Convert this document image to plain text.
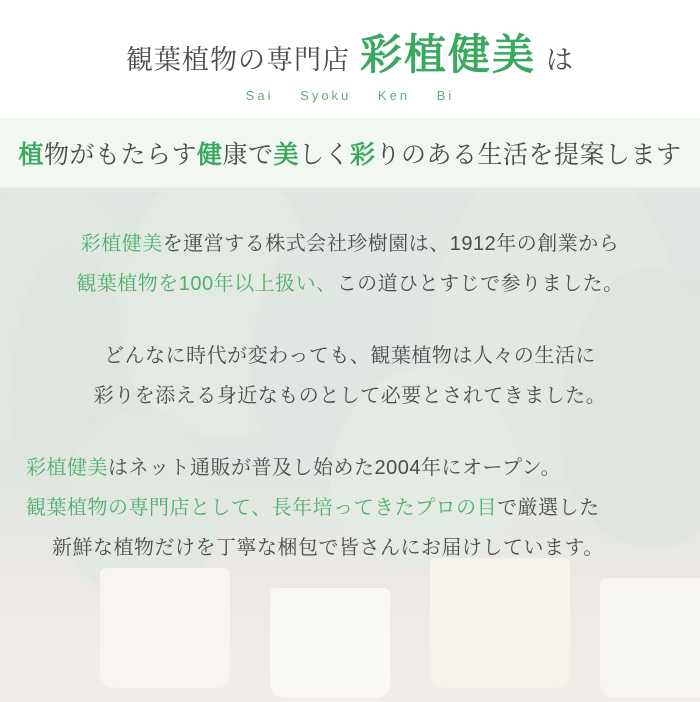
観葉植物の専門店 彩植健美 は
Sai Syoku Ken Bi
植物がもたらす健康で美しく彩りのある生活を提案します
彩植健美を運営する株式会社珍樹園は、1912年の創業から
観葉植物を100年以上扱い、この道ひとすじで参りました。
どんなに時代が変わっても、観葉植物は人々の生活に
彩りを添える身近なものとして必要とされてきました。
彩植健美はネット通販が普及し始めた2004年にオープン。
観葉植物の専門店として、長年培ってきたプロの目で厳選した
新鮮な植物だけを丁寧な梱包で皆さんにお届けしています。
